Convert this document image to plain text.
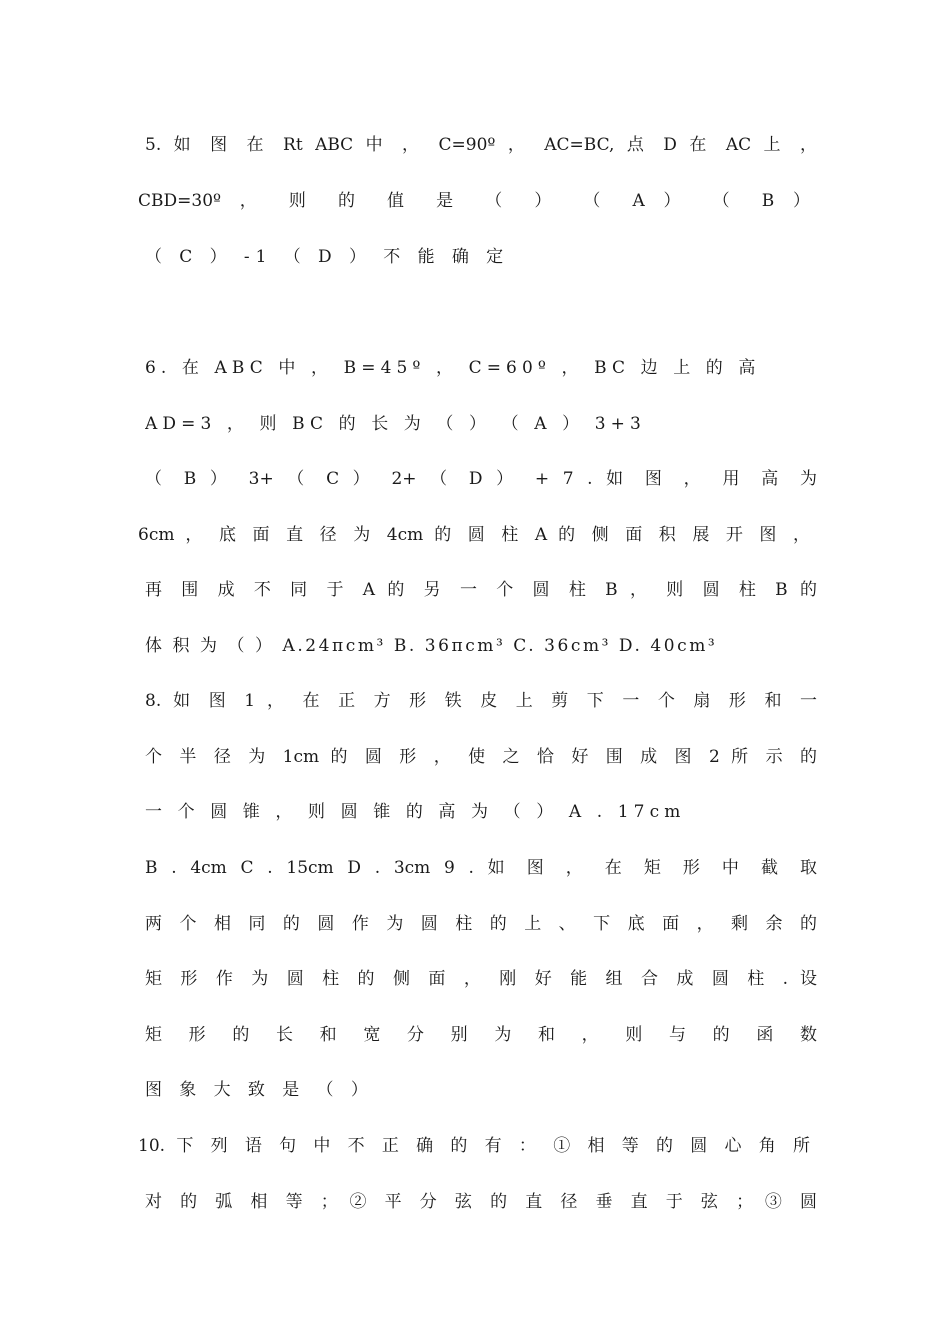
5. 如 图 在 Rt ABC 中 ， C=90º ， AC=BC, 点 D 在 AC 上 ，
CBD=30º ， 则 的 值 是 （ ） （ A ） （ B ）
（ C ） -1 （ D ） 不 能 确 定
6. 在 ABC 中 ， B=45º ， C=60º ， BC 边 上 的 高
AD=3 ， 则 BC 的 长 为 （ ） （ A ） 3+3
（ B ） 3+ （ C ） 2+ （ D ） + 7 . 如 图 ， 用 高 为
6cm ， 底 面 直 径 为 4cm 的 圆 柱 A 的 侧 面 积 展 开 图 ，
再 围 成 不 同 于 A 的 另 一 个 圆 柱 B ， 则 圆 柱 B 的
体 积 为 （ ） A.24πcm³ B. 36πcm³ C. 36cm³ D. 40cm³
8. 如 图 1 ， 在 正 方 形 铁 皮 上 剪 下 一 个 扇 形 和 一
个 半 径 为 1cm 的 圆 形 ， 使 之 恰 好 围 成 图 2 所 示 的
一 个 圆 锥 ， 则 圆 锥 的 高 为 （ ） A . 17cm
B . 4cm C . 15cm D . 3cm 9 . 如 图 ， 在 矩 形 中 截 取
两 个 相 同 的 圆 作 为 圆 柱 的 上 、 下 底 面 ， 剩 余 的
矩 形 作 为 圆 柱 的 侧 面 ， 刚 好 能 组 合 成 圆 柱 . 设
矩 形 的 长 和 宽 分 别 为 和 ， 则 与 的 函 数
图 象 大 致 是 （ ）
10. 下 列 语 句 中 不 正 确 的 有 ： ① 相 等 的 圆 心 角 所
对 的 弧 相 等 ； ② 平 分 弦 的 直 径 垂 直 于 弦 ； ③ 圆
